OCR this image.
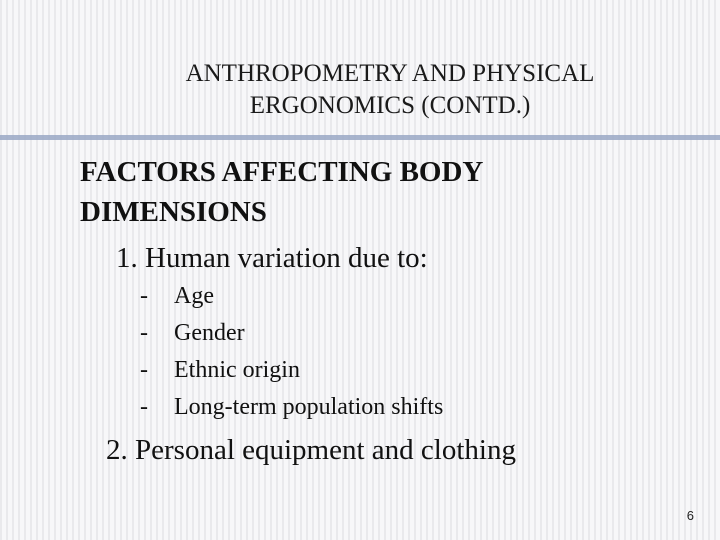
ANTHROPOMETRY AND PHYSICAL
ERGONOMICS (CONTD.)
FACTORS AFFECTING BODY
DIMENSIONS
1. Human variation due to:
- Age
- Gender
- Ethnic origin
- Long-term population shifts
2. Personal equipment and clothing
6
